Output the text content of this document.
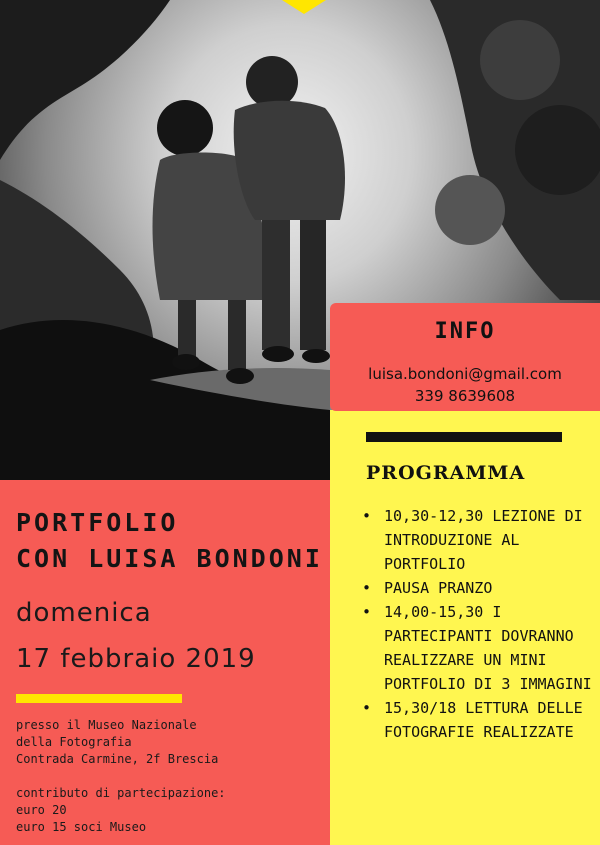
PORTFOLIO
CON LUISA BONDONI
domenica
17 febbraio 2019
presso il Museo Nazionale
della Fotografia
Contrada Carmine, 2f Brescia
contributo di partecipazione:
euro 20
euro 15 soci Museo
INFO
luisa.bondoni@gmail.com
339 8639608
PROGRAMMA
• 10,30-12,30 LEZIONE DI INTRODUZIONE AL PORTFOLIO
• PAUSA PRANZO
• 14,00-15,30 I PARTECIPANTI DOVRANNO REALIZZARE UN MINI PORTFOLIO DI 3 IMMAGINI
• 15,30/18 LETTURA DELLE FOTOGRAFIE REALIZZATE
